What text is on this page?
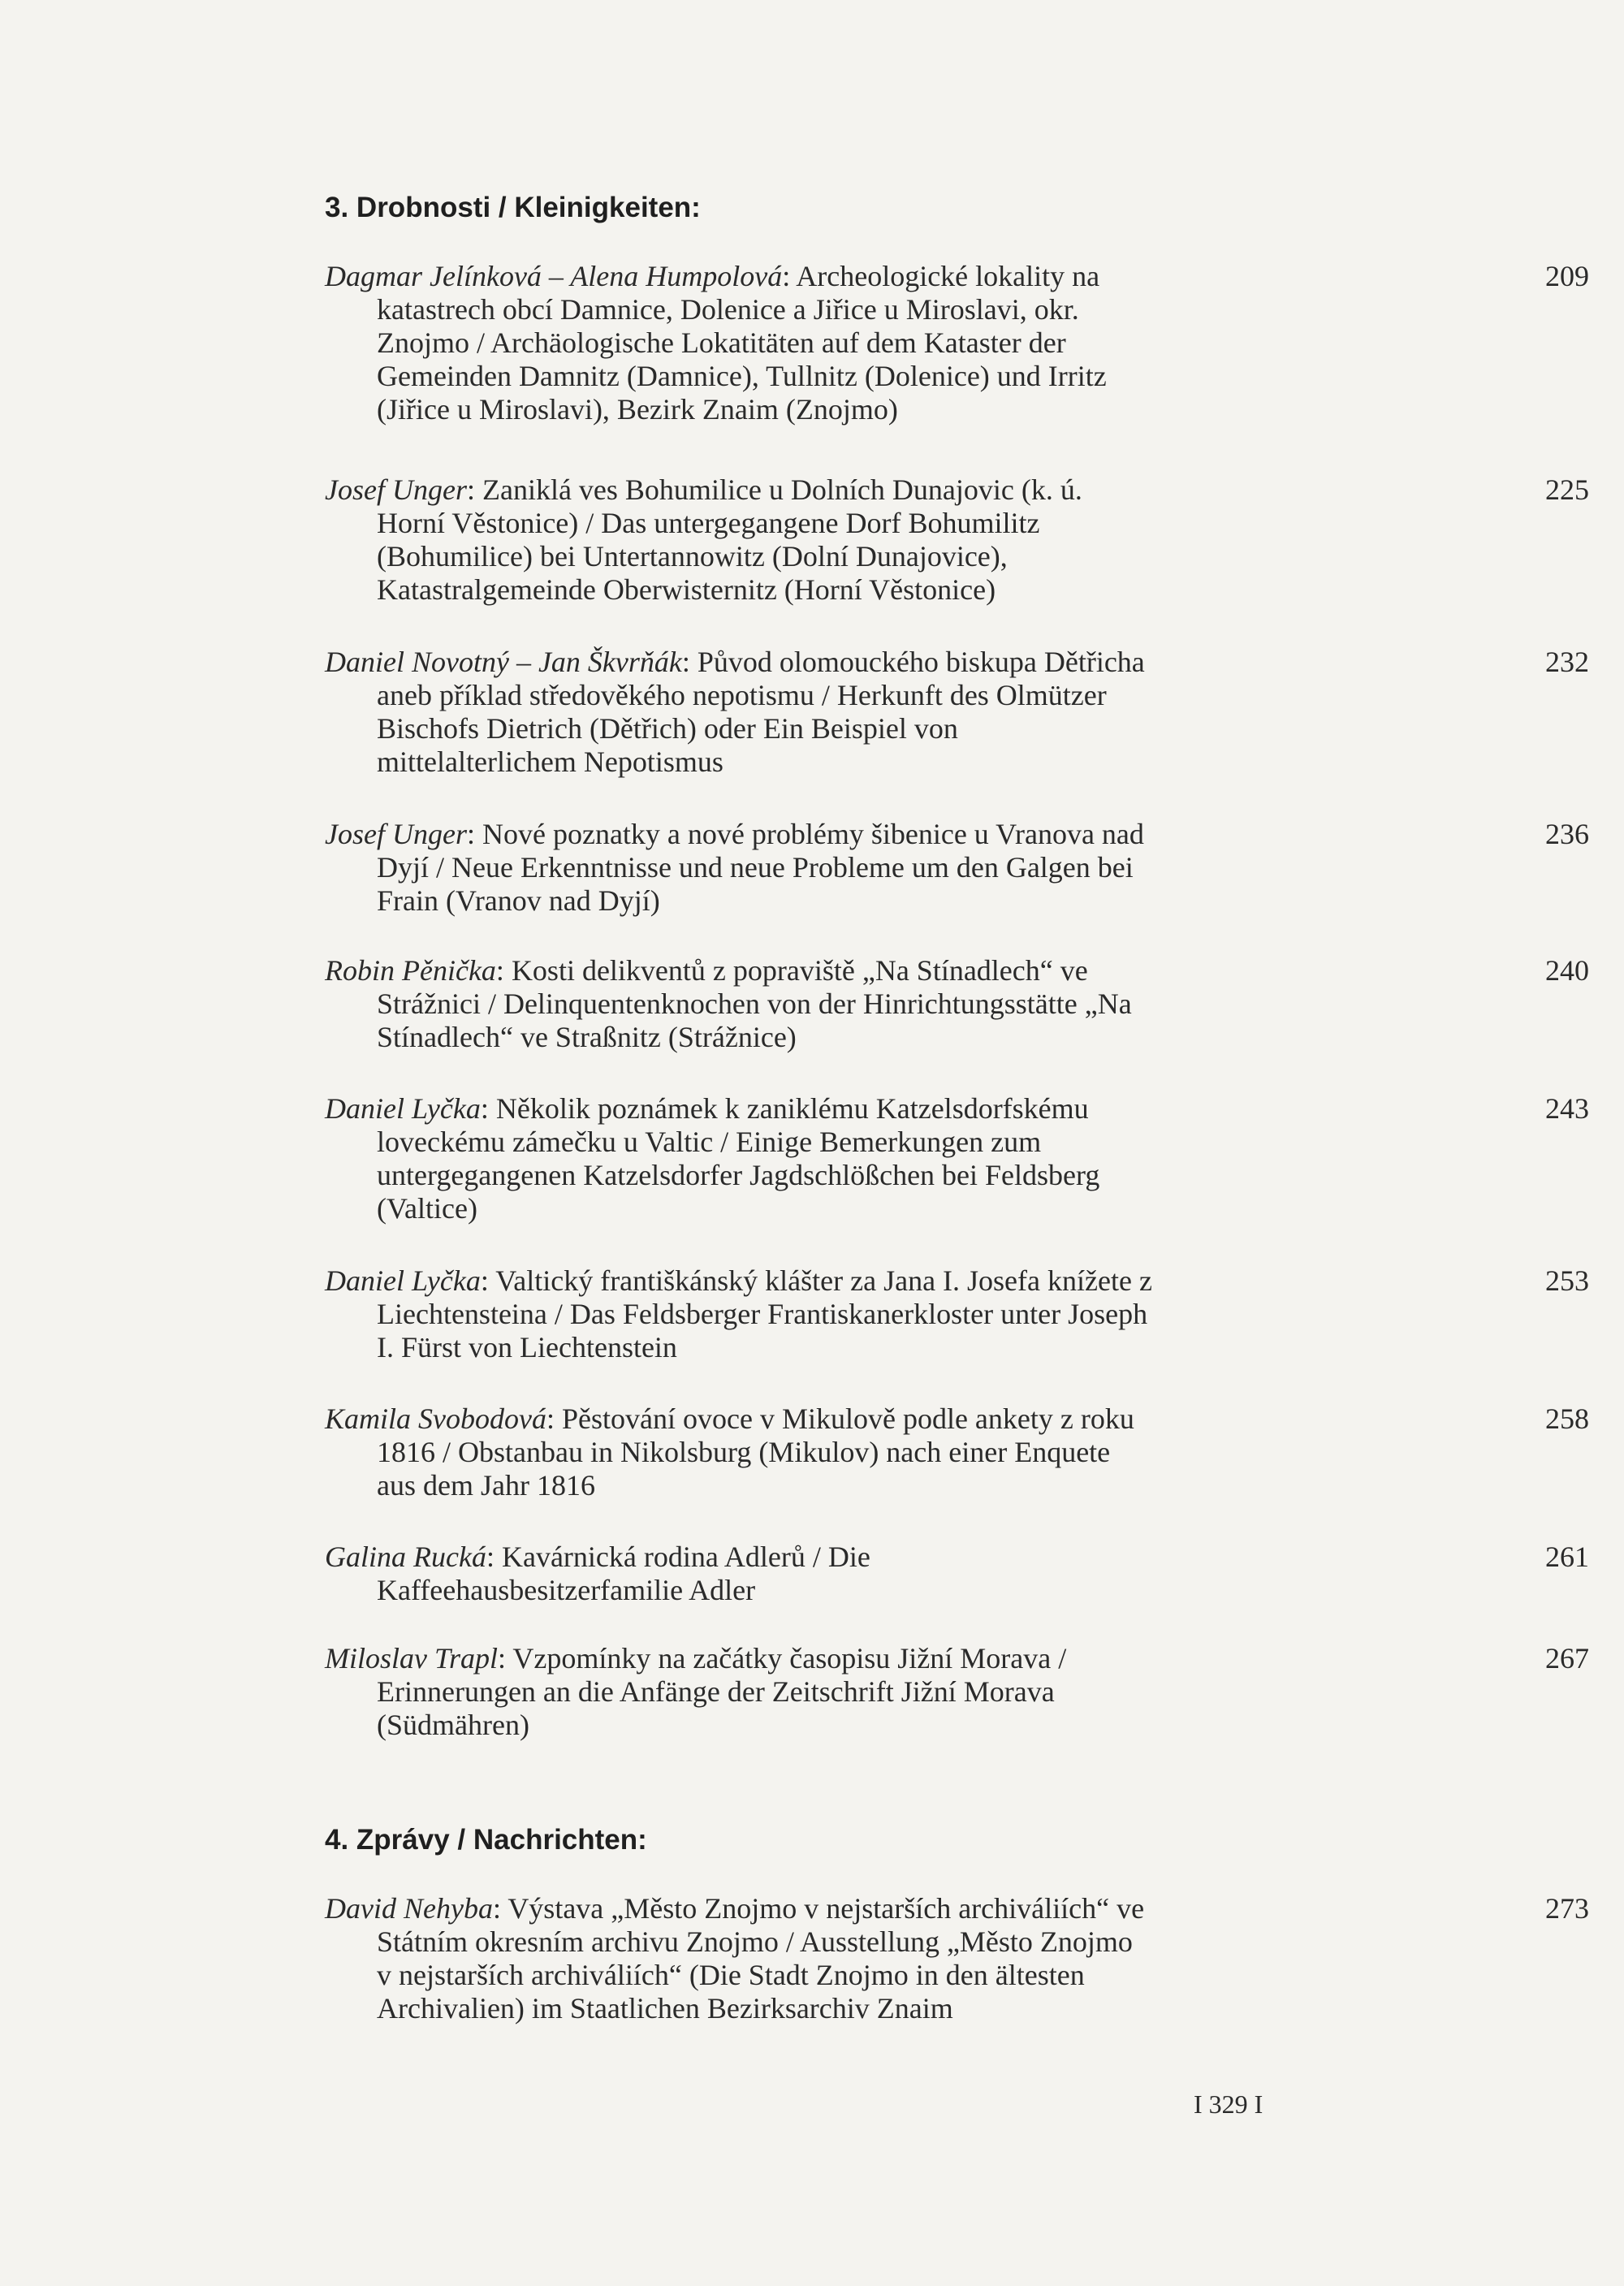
3. Drobnosti / Kleinigkeiten:
Dagmar Jelínková – Alena Humpolová: Archeologické lokality na katastrech obcí Damnice, Dolenice a Jiřice u Miroslavi, okr. Znojmo / Archäologische Lokatitäten auf dem Kataster der Gemeinden Damnitz (Damnice), Tullnitz (Dolenice) und Irritz (Jiřice u Miroslavi), Bezirk Znaim (Znojmo)
209
Josef Unger: Zaniklá ves Bohumilice u Dolních Dunajovic (k. ú. Horní Věstonice) / Das untergegangene Dorf Bohumilitz (Bohumilice) bei Untertannowitz (Dolní Dunajovice), Katastralgemeinde Oberwisternitz (Horní Věstonice)
225
Daniel Novotný – Jan Škvrňák: Původ olomouckého biskupa Dětřicha aneb příklad středověkého nepotismu / Herkunft des Olmützer Bischofs Dietrich (Dětřich) oder Ein Beispiel von mittelalterlichem Nepotismus
232
Josef Unger: Nové poznatky a nové problémy šibenice u Vranova nad Dyjí / Neue Erkenntnisse und neue Probleme um den Galgen bei Frain (Vranov nad Dyjí)
236
Robin Pěnička: Kosti delikventů z popraviště „Na Stínadlech“ ve Strážnici / Delinquentenknochen von der Hinrichtungsstätte „Na Stínadlech“ ve Straßnitz (Strážnice)
240
Daniel Lyčka: Několik poznámek k zaniklému Katzelsdorfskému loveckému zámečku u Valtic / Einige Bemerkungen zum untergegangenen Katzelsdorfer Jagdschlößchen bei Feldsberg (Valtice)
243
Daniel Lyčka: Valtický františkánský klášter za Jana I. Josefa knížete z Liechtensteina / Das Feldsberger Frantiskanerkloster unter Joseph I. Fürst von Liechtenstein
253
Kamila Svobodová: Pěstování ovoce v Mikulově podle ankety z roku 1816 / Obstanbau in Nikolsburg (Mikulov) nach einer Enquete aus dem Jahr 1816
258
Galina Rucká: Kavárnická rodina Adlerů / Die Kaffeehausbesitzerfamilie Adler
261
Miloslav Trapl: Vzpomínky na začátky časopisu Jižní Morava / Erinnerungen an die Anfänge der Zeitschrift Jižní Morava (Südmähren)
267
4. Zprávy / Nachrichten:
David Nehyba: Výstava „Město Znojmo v nejstarších archiváliích“ ve Státním okresním archivu Znojmo / Ausstellung „Město Znojmo v nejstarších archiváliích“ (Die Stadt Znojmo in den ältesten Archivalien) im Staatlichen Bezirksarchiv Znaim
273
I 329 I
